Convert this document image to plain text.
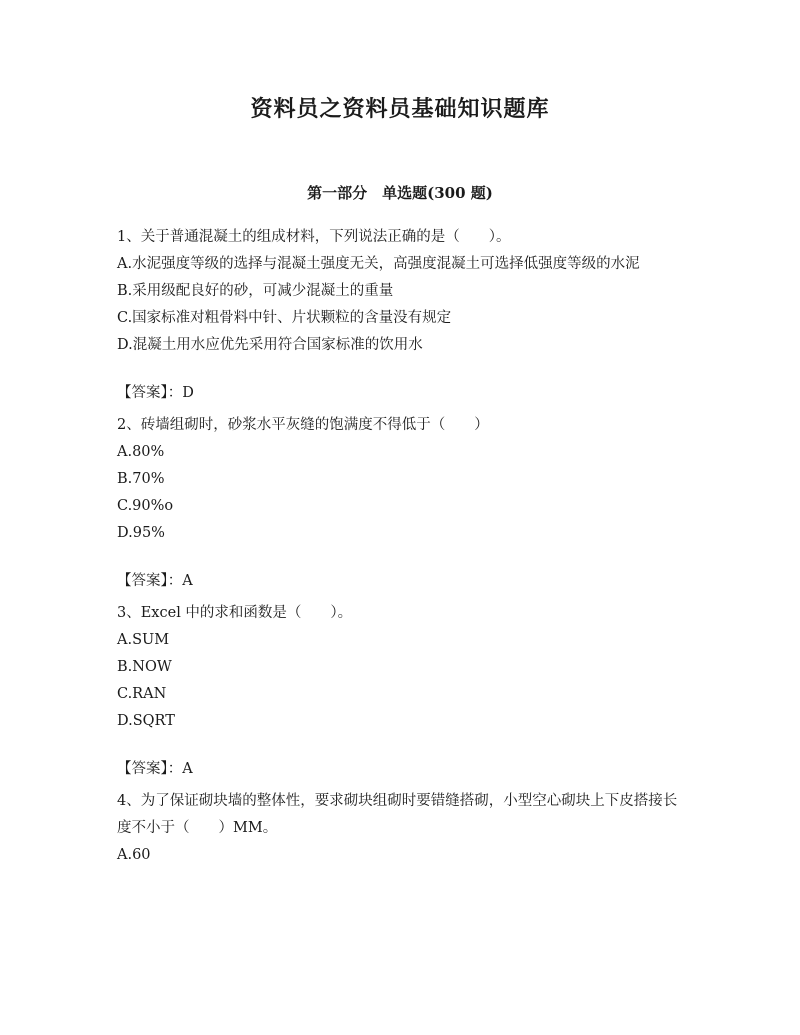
资料员之资料员基础知识题库
第一部分　单选题(300 题)

1、关于普通混凝土的组成材料，下列说法正确的是（　　）。

A.水泥强度等级的选择与混凝土强度无关，高强度混凝土可选择低强度等级的水泥

B.采用级配良好的砂，可减少混凝土的重量

C.国家标准对粗骨料中针、片状颗粒的含量没有规定

D.混凝土用水应优先采用符合国家标准的饮用水

【答案】：D

2、砖墙组砌时，砂浆水平灰缝的饱满度不得低于（　　）

A.80%

B.70%

C.90%o

D.95%

【答案】：A

3、Excel 中的求和函数是（　　）。

A.SUM

B.NOW

C.RAN

D.SQRT

【答案】：A

4、为了保证砌块墙的整体性，要求砌块组砌时要错缝搭砌，小型空心砌块上下皮搭接长度不小于（　　）MM。

A.60
